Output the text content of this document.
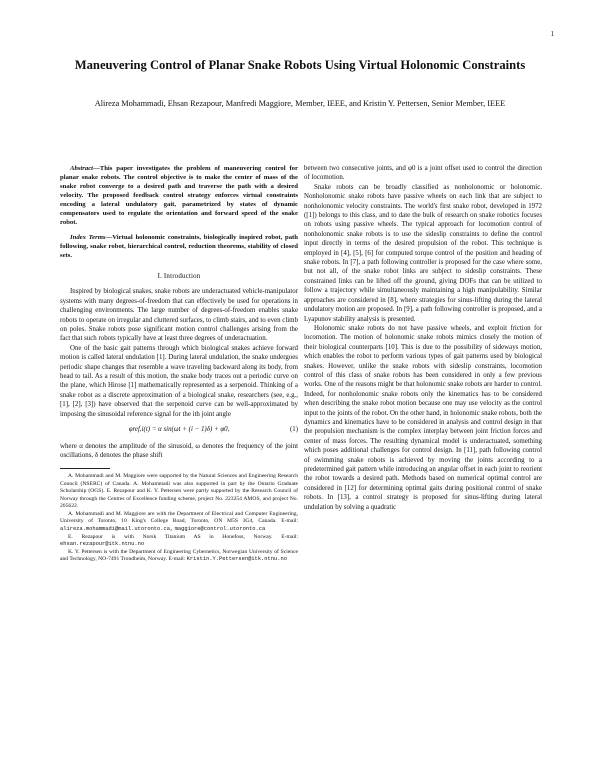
1
Maneuvering Control of Planar Snake Robots Using Virtual Holonomic Constraints
Alireza Mohammadi, Ehsan Rezapour, Manfredi Maggiore, Member, IEEE, and Kristin Y. Pettersen, Senior Member, IEEE

Abstract—This paper investigates the problem of maneuvering control for planar snake robots. The control objective is to make the center of mass of the snake robot converge to a desired path and traverse the path with a desired velocity. The proposed feedback control strategy enforces virtual constraints encoding a lateral undulatory gait, parametrized by states of dynamic compensators used to regulate the orientation and forward speed of the snake robot.

Index Terms—Virtual holonomic constraints, biologically inspired robot, path following, snake robot, hierarchical control, reduction theorems, stability of closed sets.

I. Introduction

Inspired by biological snakes, snake robots are underactuated vehicle-manipulator systems with many degrees-of-freedom that can effectively be used for operations in challenging environments. The large number of degrees-of-freedom enables snake robots to operate on irregular and cluttered surfaces, to climb stairs, and to even climb on poles. Snake robots pose significant motion control challenges arising from the fact that such robots typically have at least three degrees of underactuation.

One of the basic gait patterns through which biological snakes achieve forward motion is called lateral undulation [1]. During lateral undulation, the snake undergoes periodic shape changes that resemble a wave traveling backward along its body, from head to tail. As a result of this motion, the snake body traces out a periodic curve on the plane, which Hirose [1] mathematically represented as a serpenoid. Thinking of a snake robot as a discrete approximation of a biological snake, researchers (see, e.g.,[1], [2], [3]) have observed that the serpenoid curve can be well-approximated by imposing the sinusoidal reference signal for the ith joint angle

φref,i(t) = α sin(ωt + (i − 1)δ) + φ0,	(1)

where α denotes the amplitude of the sinusoid, ω denotes the frequency of the joint oscillations, δ denotes the phase shift

A. Mohammadi and M. Maggiore were supported by the Natural Sciences and Engineering Research Council (NSERC) of Canada. A. Mohammadi was also supported in part by the Ontario Graduate Scholarship (OGS). E. Rezapour and K. Y. Pettersen were partly supported by the Research Council of Norway through the Centres of Excellence funding scheme, project No. 223254 AMOS, and project No. 205622.

A. Mohammadi and M. Maggiore are with the Department of Electrical and Computer Engineering, University of Toronto, 10 King's College Road, Toronto, ON M5S 3G4, Canada. E-mail: alireza.mohammadi@mail.utoronto.ca, maggiore@control.utoronto.ca

E. Rezapour is with Norsk Titanium AS in Honefoss, Norway. E-mail: ehsan.rezapour@itk.ntnu.no

K. Y. Pettersen is with the Department of Engineering Cybernetics, Norwegian University of Science and Technology, NO-7491 Trondheim, Norway. E-mail: Kristin.Y.Pettersen@itk.ntnu.no

between two consecutive joints, and φ0 is a joint offset used to control the direction of locomotion.

Snake robots can be broadly classified as nonholonomic or holonomic. Nonholonomic snake robots have passive wheels on each link that are subject to nonholonomic velocity constraints. The world's first snake robot, developed in 1972 ([1]) belongs to this class, and to date the bulk of research on snake robotics focuses on robots using passive wheels. The typical approach for locomotion control of nonholonomic snake robots is to use the sideslip constraints to define the control input directly in terms of the desired propulsion of the robot. This technique is employed in [4], [5], [6] for computed torque control of the position and heading of snake robots. In [7], a path following controller is proposed for the case where some, but not all, of the snake robot links are subject to sideslip constraints. These constrained links can be lifted off the ground, giving DOFs that can be utilized to follow a trajectory while simultaneously maintaining a high manipulability. Similar approaches are considered in [8], where strategies for sinus-lifting during the lateral undulatory motion are proposed. In [9], a path following controller is proposed, and a Lyapunov stability analysis is presented.

Holonomic snake robots do not have passive wheels, and exploit friction for locomotion. The motion of holonomic snake robots mimics closely the motion of their biological counterparts [10]. This is due to the possibility of sideways motion, which enables the robot to perform various types of gait patterns used by biological snakes. However, unlike the snake robots with sideslip constraints, locomotion control of this class of snake robots has been considered in only a few previous works. One of the reasons might be that holonomic snake robots are harder to control. Indeed, for nonholonomic snake robots only the kinematics has to be considered when describing the snake robot motion because one may use velocity as the control input to the joints of the robot. On the other hand, in holonomic snake robots, both the dynamics and kinematics have to be considered in analysis and control design in that the propulsion mechanism is the complex interplay between joint friction forces and center of mass forces. The resulting dynamical model is underactuated, something which poses additional challenges for control design. In [11], path following control of swimming snake robots is achieved by moving the joints according to a predetermined gait pattern while introducing an angular offset in each joint to reorient the robot towards a desired path. Methods based on numerical optimal control are considered in [12] for determining optimal gaits during positional control of snake robots. In [13], a control strategy is proposed for sinus-lifting during lateral undulation by solving a quadratic
